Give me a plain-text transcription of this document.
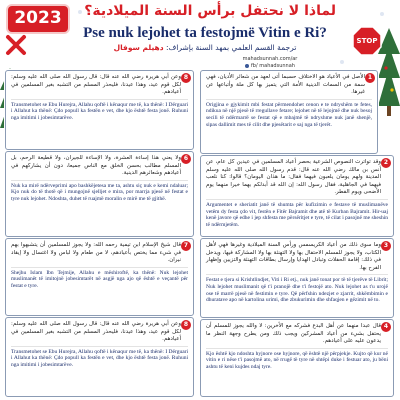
2023
STOP
لماذا لا نحتفل برأس السنة الميلادية؟
Pse nuk lejohet ta festojmë Vitin e Ri?
ترجمة القسم العلمي بمهد السنة بإشراف: دهيلم سوفال
mahadsunnah.com/ar
fb/ mahadsunnah
8
وعن أبي هريرة رضي الله عنه قال: قال رسول الله صلى الله عليه وسلم: لكل قوم عيد، وهذا عيدنا، فليحذر المسلم من التشبه بغير المسلمين في أعيادهم.
Transmetohet se Ebu Hurejra, Allahu qoftë i kënaqur me të, ka thënë: I Dërguari i Allahut ka thënë: Çdo popull ka festën e vet, dhe kjo është festa jonë. Ruhuni nga imitimi i jobesimtarëve.
6
ولا يعني هذا إساءة العشرة، ولا الإساءة للجيران، ولا قطيعة الرحم، بل المسلم مطالب بحسن الخلق مع الناس جميعا، دون أن يشاركهم في أعيادهم وشعائرهم الدينية.
Nuk ka mirë ndërveprimi apo bashkëjetesa me ta, ashtu siç nuk e kemi ndaluar; Kjo nuk do të thotë që i mungojnë sjelljet e mira, por marrja pjesë në festat e tyre nuk lejohet. Ndoshta, duhet të ruajmë moralin e mirë me të gjithë.
7
قال شيخ الإسلام ابن تيمية رحمه الله: ولا يجوز للمسلمين أن يتشبهوا بهم في شيء مما يختص بأعيادهم، لا من طعام ولا لباس ولا اغتسال ولا إيقاد نيران.
Shejhu Islam Ibn Tejmije, Allahu e mëshiroftë, ka thënë: Nuk lejohet muslimanët të imitojnë jobesimtarët në asgjë nga ajo që është e veçantë për festat e tyre.
8
وعن أبي هريرة رضي الله عنه قال: قال رسول الله صلى الله عليه وسلم: لكل قوم عيد، وهذا عيدنا، فليحذر المسلم من التشبه بغير المسلمين في أعيادهم.
Transmetohet se Ebu Hurejra, Allahu qoftë i kënaqur me të, ka thënë: I Dërguari i Allahut ka thënë: Çdo popull ka festën e vet, dhe kjo është festa jonë. Ruhuni nga imitimi i jobesimtarëve.
1
الأصل في الأعياد هو الاختلاف حسبما أتى لعهد من شعائر الأديان، فهي سمة من السمات الدينية الأمة التي يتميز بها كل ملة وأتباعها عن غيرها.
Origjina e gjykimit mbi festat përmendohet cenon e te ndryshëm te fetes, ndikua në një pjesë të rregullave fetare; lejohet në të lejojmë dhe nuk besoj secili të ndërmarrë se festat që e mbajmë të ndryshme nuk janë shenjë, sipas dallimit mes të cilit dhe pjesëtarit e saj nga të tjerët.
2
وقد تواترت النصوص الشرعية بحصر أعياد المسلمين في عيدين كل عام، عن أنس بن مالك رضي الله عنه قال: قدم رسول الله صلى الله عليه وسلم المدينة ولهم يومان يلعبون فيهما فقال: ما هذان اليومان؟ قالوا: كنا نلعب فيهما في الجاهلية، فقال رسول الله: إن الله قد أبدلكم بهما خيرا منهما يوم الأضحى ويوم الفطر.
Argumentet e sheriatit janë të shumta për kufizimin e festave të muslimanëve vetëm dy festa çdo vit, festën e Fitër Bajramit dhe atë të Kurban Bajramit. Hir-uaj kenë javore që edhe i jep shfesta me përsëritjet e tyre, të cilat i pasojnë me sheshin të ndërmjetëm.
3
وما سوى ذلك من أعياد الكريسمس ورأس السنة الميلادية وغيرها فهي لأهل الكتاب، ولا يجوز للمسلم الاحتفال بها ولا التهنئة بها ولا المشاركة فيها، ويدخل في ذلك: إقامة الحفلات وتبادل الهدايا وإرسال بطاقات التهنئة والتزيين وإظهار الفرح بها.
Festat e tjera si Krishtlindjet, Viti i Ri etj., nuk janë tonat por të të tjerëve të Librit; Nuk lejohet muslimanit që t'i pranojë dhe t'i festojë ato. Nuk lejohet as t'u urojë ose të marrë pjesë në festimin e tyre. Që përfshin ndezjet e zjarrit, shkëmbimin e dhuratave apo në kartolina urimi, dhe zbukurimin dhe shfaqjen e gëzimit në to.
4
قال عبدا منهما عن أهل البدع فشركه مع الأخرين: لا والله يجوز للمسلم أن يحتفل بشيء من أعياد المشركين ويجب ذلك ومن يطرح وجهة النظر ما يدعون عليه على أعيادهم.
Kjo është kjo ndoshta hyjnore ose hyjnore, që është një përpjekje. Kujto që kur në vitin e ri nëse t'i pasojmë ato, në rrugë të tyre në shtëpi duke i festuar ato, ju bëni ashtu të keni kujdes ndaj tyre.
